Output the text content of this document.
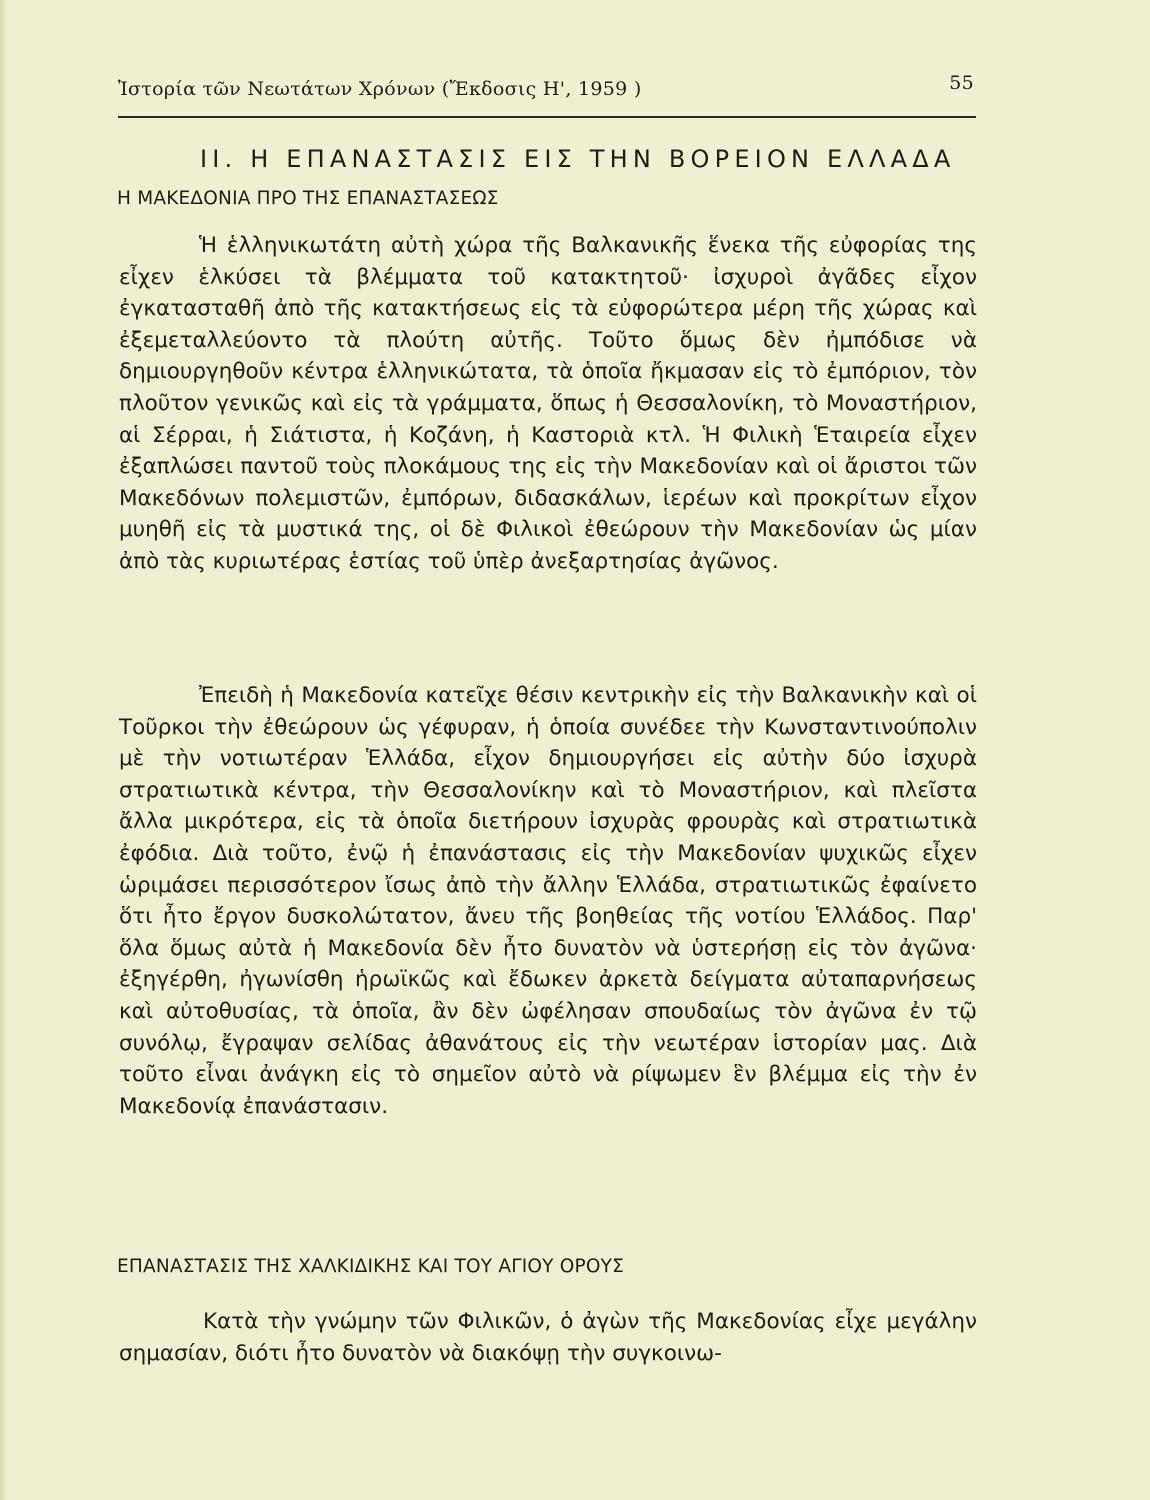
Ἱστορία τῶν Νεωτάτων Χρόνων (Ἔκδοσις Η', 1959 )	55
II. Η ΕΠΑΝΑΣΤΑΣΙΣ ΕΙΣ ΤΗΝ ΒΟΡΕΙΟΝ ΕΛΛΑΔΑ
Η ΜΑΚΕΔΟΝΙΑ ΠΡΟ ΤΗΣ ΕΠΑΝΑΣΤΑΣΕΩΣ

Ἡ ἑλληνικωτάτη αὐτὴ χώρα τῆς Βαλκανικῆς ἕνεκα τῆς εὐφορίας της εἶχεν ἑλκύσει τὰ βλέμματα τοῦ κατακτητοῦ· ἰσχυροὶ ἀγᾶδες εἶχον ἐγκατασταθῆ ἀπὸ τῆς κατακτήσεως εἰς τὰ εὐφορώτερα μέρη τῆς χώρας καὶ ἐξεμεταλλεύοντο τὰ πλούτη αὐτῆς. Τοῦτο ὅμως δὲν ἠμπόδισε νὰ δημιουργηθοῦν κέντρα ἑλληνικώτατα, τὰ ὁποῖα ἤκμασαν εἰς τὸ ἐμπόριον, τὸν πλοῦτον γενικῶς καὶ εἰς τὰ γράμματα, ὅπως ἡ Θεσσαλονίκη, τὸ Μοναστήριον, αἱ Σέρραι, ἡ Σιάτιστα, ἡ Κοζάνη, ἡ Καστοριὰ κτλ. Ἡ Φιλικὴ Ἑταιρεία εἶχεν ἐξαπλώσει παντοῦ τοὺς πλοκάμους της εἰς τὴν Μακεδονίαν καὶ οἱ ἄριστοι τῶν Μακεδόνων πολεμιστῶν, ἐμπόρων, διδασκάλων, ἱερέων καὶ προκρίτων εἶχον μυηθῆ εἰς τὰ μυστικά της, οἱ δὲ Φιλικοὶ ἐθεώρουν τὴν Μακεδονίαν ὡς μίαν ἀπὸ τὰς κυριωτέρας ἑστίας τοῦ ὑπὲρ ἀνεξαρτησίας ἀγῶνος.

Ἐπειδὴ ἡ Μακεδονία κατεῖχε θέσιν κεντρικὴν εἰς τὴν Βαλκανικὴν καὶ οἱ Τοῦρκοι τὴν ἐθεώρουν ὡς γέφυραν, ἡ ὁποία συνέδεε τὴν Κωνσταντινούπολιν μὲ τὴν νοτιωτέραν Ἑλλάδα, εἶχον δημιουργήσει εἰς αὐτὴν δύο ἰσχυρὰ στρατιωτικὰ κέντρα, τὴν Θεσσαλονίκην καὶ τὸ Μοναστήριον, καὶ πλεῖστα ἄλλα μικρότερα, εἰς τὰ ὁποῖα διετήρουν ἰσχυρὰς φρουρὰς καὶ στρατιωτικὰ ἐφόδια. Διὰ τοῦτο, ἐνῷ ἡ ἐπανάστασις εἰς τὴν Μακεδονίαν ψυχικῶς εἶχεν ὡριμάσει περισσότερον ἴσως ἀπὸ τὴν ἄλλην Ἑλλάδα, στρατιωτικῶς ἐφαίνετο ὅτι ἦτο ἔργον δυσκολώτατον, ἄνευ τῆς βοηθείας τῆς νοτίου Ἑλλάδος. Παρ' ὅλα ὅμως αὐτὰ ἡ Μακεδονία δὲν ἦτο δυνατὸν νὰ ὑστερήσῃ εἰς τὸν ἀγῶνα· ἐξηγέρθη, ἠγωνίσθη ἡρωϊκῶς καὶ ἔδωκεν ἀρκετὰ δείγματα αὐταπαρνήσεως καὶ αὐτοθυσίας, τὰ ὁποῖα, ἂν δὲν ὠφέλησαν σπουδαίως τὸν ἀγῶνα ἐν τῷ συνόλῳ, ἔγραψαν σελίδας ἀθανάτους εἰς τὴν νεωτέραν ἱστορίαν μας. Διὰ τοῦτο εἶναι ἀνάγκη εἰς τὸ σημεῖον αὐτὸ νὰ ρίψωμεν ἓν βλέμμα εἰς τὴν ἐν Μακεδονίᾳ ἐπανάστασιν.

ΕΠΑΝΑΣΤΑΣΙΣ ΤΗΣ ΧΑΛΚΙΔΙΚΗΣ ΚΑΙ ΤΟΥ ΑΓΙΟΥ ΟΡΟΥΣ

Κατὰ τὴν γνώμην τῶν Φιλικῶν, ὁ ἀγὼν τῆς Μακεδονίας εἶχε μεγάλην σημασίαν, διότι ἦτο δυνατὸν νὰ διακόψῃ τὴν συγκοινω-
